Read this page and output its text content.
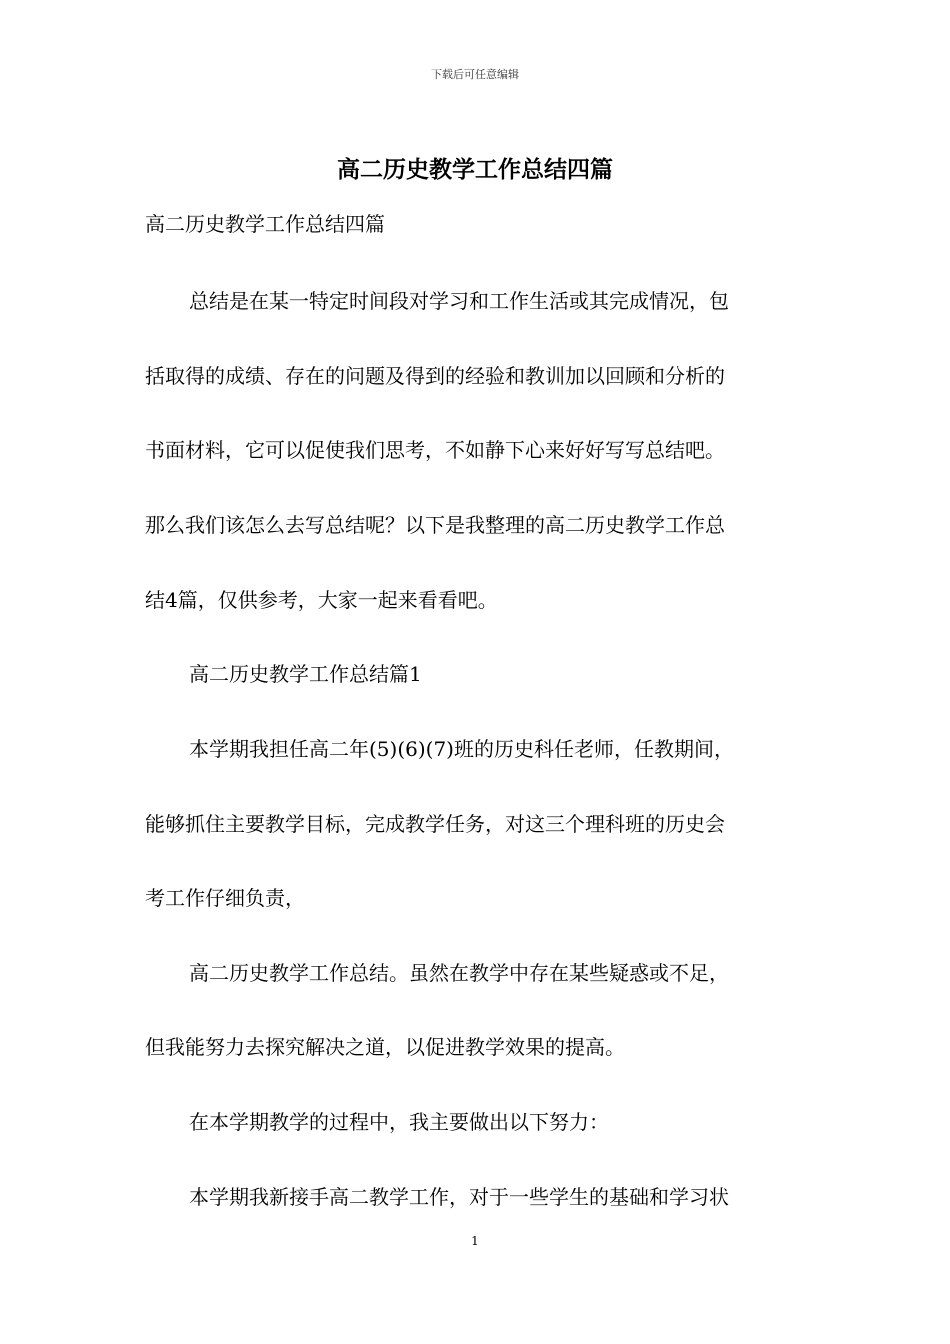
下载后可任意编辑
高二历史教学工作总结四篇

高二历史教学工作总结四篇

总结是在某一特定时间段对学习和工作生活或其完成情况，包

括取得的成绩、存在的问题及得到的经验和教训加以回顾和分析的

书面材料，它可以促使我们思考，不如静下心来好好写写总结吧。

那么我们该怎么去写总结呢？以下是我整理的高二历史教学工作总

结4篇，仅供参考，大家一起来看看吧。

高二历史教学工作总结篇1

本学期我担任高二年(5)(6)(7)班的历史科任老师，任教期间，

能够抓住主要教学目标，完成教学任务，对这三个理科班的历史会

考工作仔细负责，

高二历史教学工作总结。虽然在教学中存在某些疑惑或不足，

但我能努力去探究解决之道，以促进教学效果的提高。

在本学期教学的过程中，我主要做出以下努力：

本学期我新接手高二教学工作，对于一些学生的基础和学习状

1
